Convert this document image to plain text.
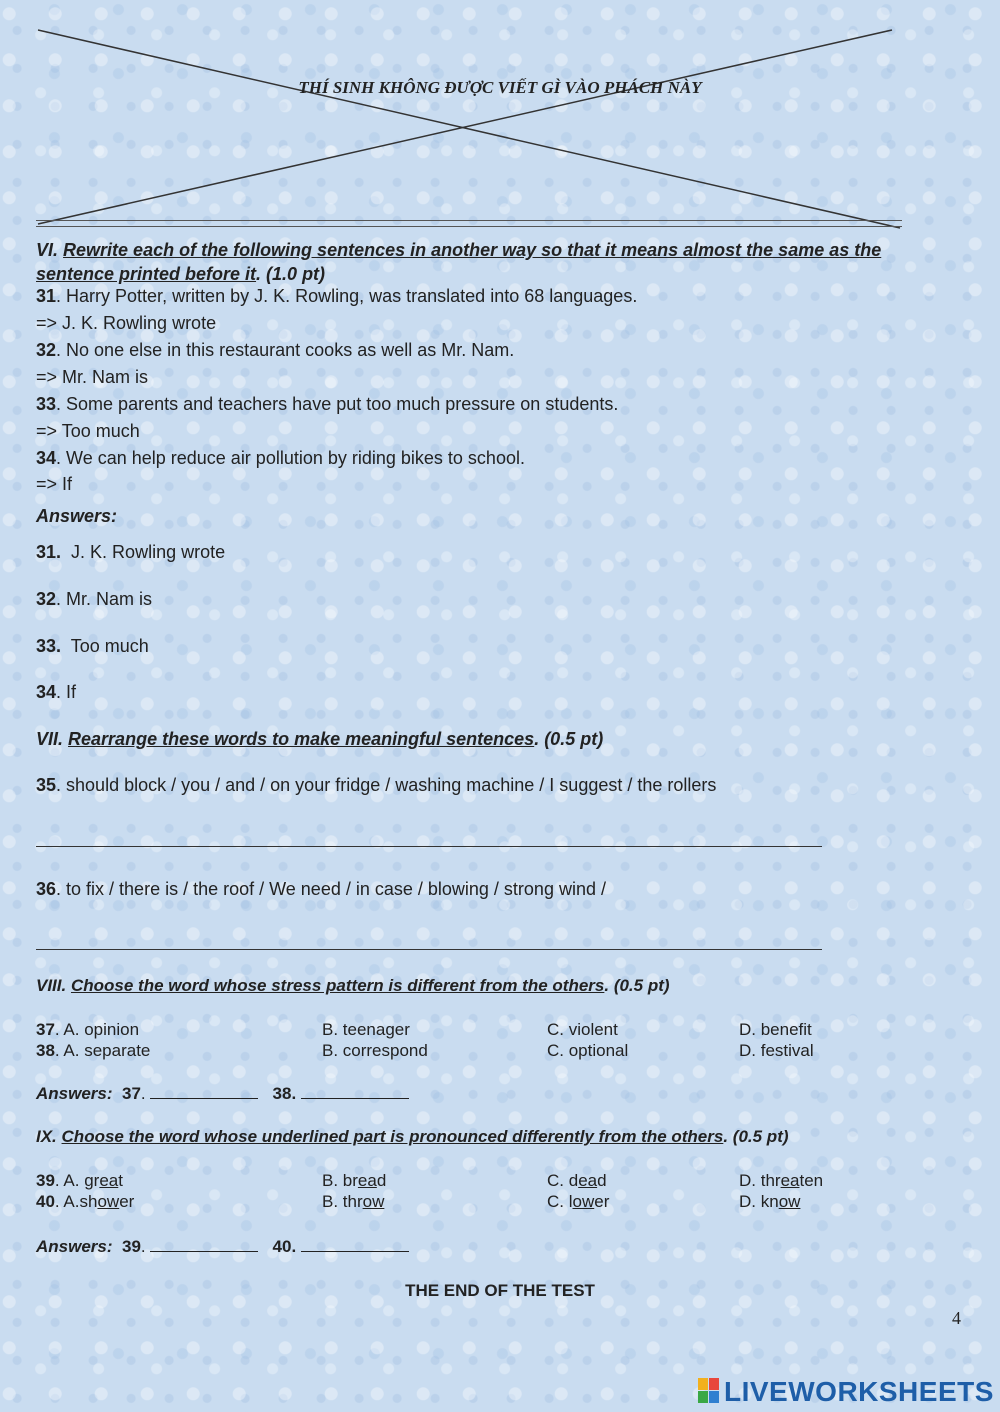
THÍ SINH KHÔNG ĐƯỢC VIẾT GÌ VÀO PHÁCH NÀY
VI. Rewrite each of the following sentences in another way so that it means almost the same as the
sentence printed before it. (1.0 pt)
31. Harry Potter, written by J. K. Rowling, was translated into 68 languages.
=> J. K. Rowling wrote
32. No one else in this restaurant cooks as well as Mr. Nam.
=> Mr. Nam is
33. Some parents and teachers have put too much pressure on students.
=> Too much
34. We can help reduce air pollution by riding bikes to school.
=> If
Answers:
31. J. K. Rowling wrote
32. Mr. Nam is
33. Too much
34. If
VII. Rearrange these words to make meaningful sentences. (0.5 pt)
35. should block / you / and / on your fridge / washing machine / I suggest / the rollers
36. to fix / there is / the roof / We need / in case / blowing / strong wind /
VIII. Choose the word whose stress pattern is different from the others. (0.5 pt)
37. A. opinion	B. teenager	C. violent	D. benefit
38. A. separate	B. correspond	C. optional	D. festival
Answers: 37.	38.
IX. Choose the word whose underlined part is pronounced differently from the others. (0.5 pt)
39. A. great	B. bread	C. dead	D. threaten
40. A.shower	B. throw	C. lower	D. know
Answers: 39.	40.
THE END OF THE TEST
4
LIVEWORKSHEETS
